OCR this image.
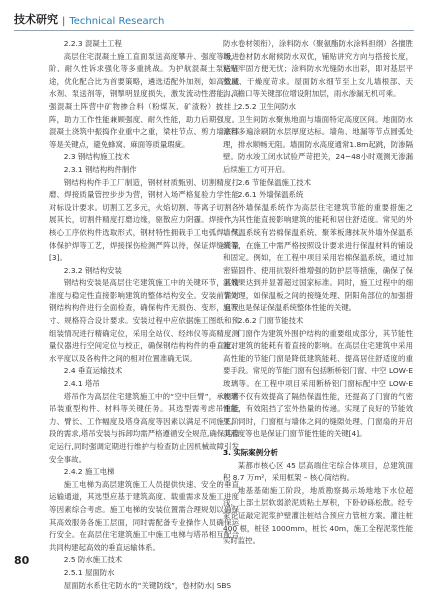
技术研究 | Technical Research
2.2.3 混凝土工程

高层住宅混凝土施工直面泵送高度攀升、强度等级进阶、耐久性诉求强化等多重挑战。为护航混凝土泵送征途，优化配合比为首要策略，遴选适配外加剂，如高效减水剂、泵送剂等，钢掣明显度损失，激发流动性潜能。高强混凝土阵营中矿物掺合料（粉煤灰、矿渣粉）披挂上阵，助力工作性能兼顾强度、耐久性能，助力后期强度。混凝土浇筑中振捣作业重中之重，梁柱节点、剪力墙底部等是关键点，避免蜂窝、麻面等质量瑕疵。

2.3 钢结构施工技术
2.3.1 钢结构构件制作

钢结构构件手工厂制造，钢材材质甄别、切割精度打磨、焊接质量管控步步为营，钢材入场严格复验力学性能对标设计要求。切割工艺多元，火焰切割、等离子切割各展其长，切割件精度打磨边缘，驱散应力阴霾。焊接作为核心工序依构件选取形式，钢材特性拥栽手工电弧焊、气体保护焊等工艺，焊接探伤检测严阵以待，保证焊缝质量[3]。

2.3.2 钢结构安装

钢结构安装是高层住宅建筑施工中的关键环节，其精准度与稳定性直接影响建筑的整体结构安全。安装前需对钢结构构件进行全面检查，确保构件无损伤、变形，且尺寸、规格符合设计要求。安装过程中应依据施工图纸和预组装情况进行精确定位，采用全站仪、经纬仪等高精度测量仪器进行空间定位与校正，确保钢结构构件的垂直度、水平度以及各构件之间的相对位置准确无误。

2.4 垂直运输技术
2.4.1 塔吊

塔吊作为高层住宅建筑施工中的“空中巨臂”，承担着吊装重型构件、材料等关键任务。其选型需考虑吊重能力、臂长、工作幅度及塔身高度等因素以满足不同施工阶段的需求,塔吊安装与拆卸均需严格遵循安全规范,确保其稳定运行,同时强调定期进行维护与检查防止因机械故障引发安全事故。

2.4.2 施工电梯

施工电梯为高层建筑施工人员提供快速、安全的垂直运输通道，其选型应基于建筑高度、载重需求及施工进度等因素综合考虑。施工电梯的安装位置需合理规划以确保其高效服务各施工层面，同时需配备专业操作人员确保运行安全。在高层住宅建筑施工中施工电梯与塔吊相互配合共同构建起高效的垂直运输体系。

2.5 防水施工技术
2.5.1 屋面防水

屋面防水系住宅防水的“关键防线”，卷材防水| SBS

防水卷材领衔），涂料防水（聚氨酯防水涂料担纲）各擅胜场，卷材防水耐候防水双优，铺贴讲究方向与搭接长度，粘贴牢固方便无忧；涂料防水光缝防水出彩，即对基层平整度、干燥度苛求。屋面防水细节至上女儿墙根部、天沟、檐口等关键部位增设附加层，雨水渗漏无机可乘。

2.5.2 卫生间防水

卫生间防水聚焦地面与墙面特定高度区间。地面防水涂料多遍涂刷防水层厚度达标。墙角、地漏等节点圆弧处理，排水顺畅无阻。墙面防水高度通常1.8m起跳，防渗隔壁。防水竣工闭水试验严苛把关，24~48小时观测无渗漏后续施工方可开启。

2.6 节能保温施工技术
2.6.1 外墙保温系统

外墙保温系统作为高层住宅建筑节能的重要措施之一，其性能直接影响建筑的能耗和居住舒适度。常见的外墙保温系统有岩棉保温系统、聚苯板薄抹灰外墙外保温系统等，在施工中需严格按照设计要求进行保温材料的铺设和固定。例如，在工程中项目采用岩棉保温系统，通过加密锚固件、使用抗裂纤维增强的防护层等措施，确保了保温效果达到并显著超过国家标准。同时，施工过程中的细节处理，如保温板之间的接缝处理、阴阳角部位的加强措施等也是保证保温系统整体性能的关键。

2.6.2 门窗节能技术

门窗作为建筑外围护结构的重要组成部分，其节能性能对建筑的能耗有着直接的影响。在高层住宅建筑中采用高性能的节能门窗是降低建筑能耗、提高居住舒适度的重要手段。常见的节能门窗有包括断桥铝门窗、中空 LOW-E 玻璃等。在工程中项目采用断桥铝门窗标配中空 LOW-E 玻璃不仅有效提高了隔热保温性能，还提高了门窗的气密性能，有效阻挡了室外热量的传递。实现了良好的节能效果。同时，门窗框与墙体之间的缝隙处理、门窗扇的开启灵活度等也是保证门窗节能性能的关键[4]。

3. 实际案例分析

某都市核心区 45 层高端住宅综合体项目，总建筑面积 8.7 万m²，采用框架 – 核心筒结构。

地基基础施工阶段，地质勘察揭示场地地下水位超浅，上部土层软弱淤泥质粘土厚积，下卧砂砾松散。经专家论证敲定泥浆护壁灌注桩结合预应力管桩方案。灌注桩 400 根，桩径 1000mm，桩长 40m，施工全程泥浆性能实时监控。

80
